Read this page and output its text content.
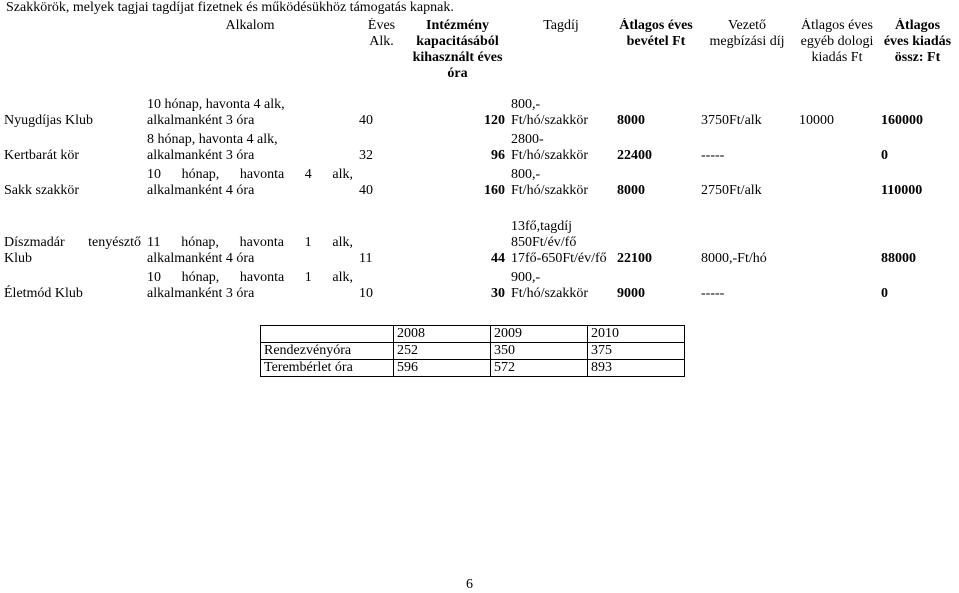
Szakkörök, melyek tagjai tagdíjat fizetnek és működésükhöz támogatás kapnak.
	Alkalom	Éves Alk.	Intézmény kapacitásából kihasznált éves óra	Tagdíj	Átlagos éves bevétel Ft	Vezető megbízási díj	Átlagos éves egyéb dologi kiadás Ft	Átlagos éves kiadás össz: Ft
Nyugdíjas Klub	10 hónap, havonta 4 alk, alkalmanként 3 óra	40	120	800,- Ft/hó/szakkör	8000	3750Ft/alk	10000	160000
Kertbarát kör	8 hónap, havonta 4 alk, alkalmanként 3 óra	32	96	2800-Ft/hó/szakkör	22400	-----		0
Sakk szakkör	10 hónap, havonta 4 alk, alkalmanként 4 óra	40	160	800,- Ft/hó/szakkör	8000	2750Ft/alk		110000
Díszmadár tenyésztő Klub	11 hónap, havonta 1 alk, alkalmanként 4 óra	11	44	13fő,tagdíj 850Ft/év/fő 17fő-650Ft/év/fő	22100	8000,-Ft/hó		88000
Életmód Klub	10 hónap, havonta 1 alk, alkalmanként 3 óra	10	30	900,- Ft/hó/szakkör	9000	-----		0
	2008	2009	2010
Rendezvényóra	252	350	375
Terembérlet óra	596	572	893
6
